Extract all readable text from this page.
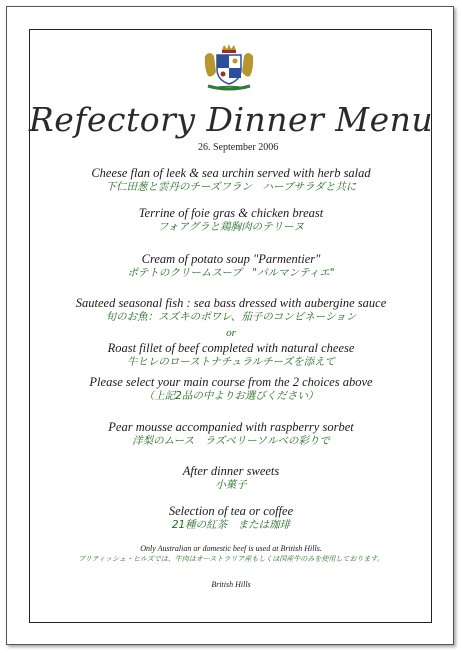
Refectory Dinner Menu
26. September 2006
Cheese flan of leek & sea urchin served with herb salad
下仁田葱と雲丹のチーズフラン　ハーブサラダと共に
Terrine of foie gras & chicken breast
フォアグラと鶏胸肉のテリーヌ
Cream of potato soup "Parmentier"
ポテトのクリームスープ　"パルマンティエ"
Sauteed seasonal fish : sea bass dressed with aubergine sauce
旬のお魚：スズキのポワレ、茄子のコンビネーション
or
Roast fillet of beef completed with natural cheese
牛ヒレのローストナチュラルチーズを添えて
Please select your main course from the 2 choices above
（上記2品の中よりお選びください）
Pear mousse accompanied with raspberry sorbet
洋梨のムース　ラズベリーソルベの彩りで
After dinner sweets
小菓子
Selection of tea or coffee
21種の紅茶　または珈琲
Only Australian or domestic beef is used at British Hills.
ブリティッシュ・ヒルズでは、牛肉はオーストラリア産もしくは国産牛のみを使用しております。
British Hills
